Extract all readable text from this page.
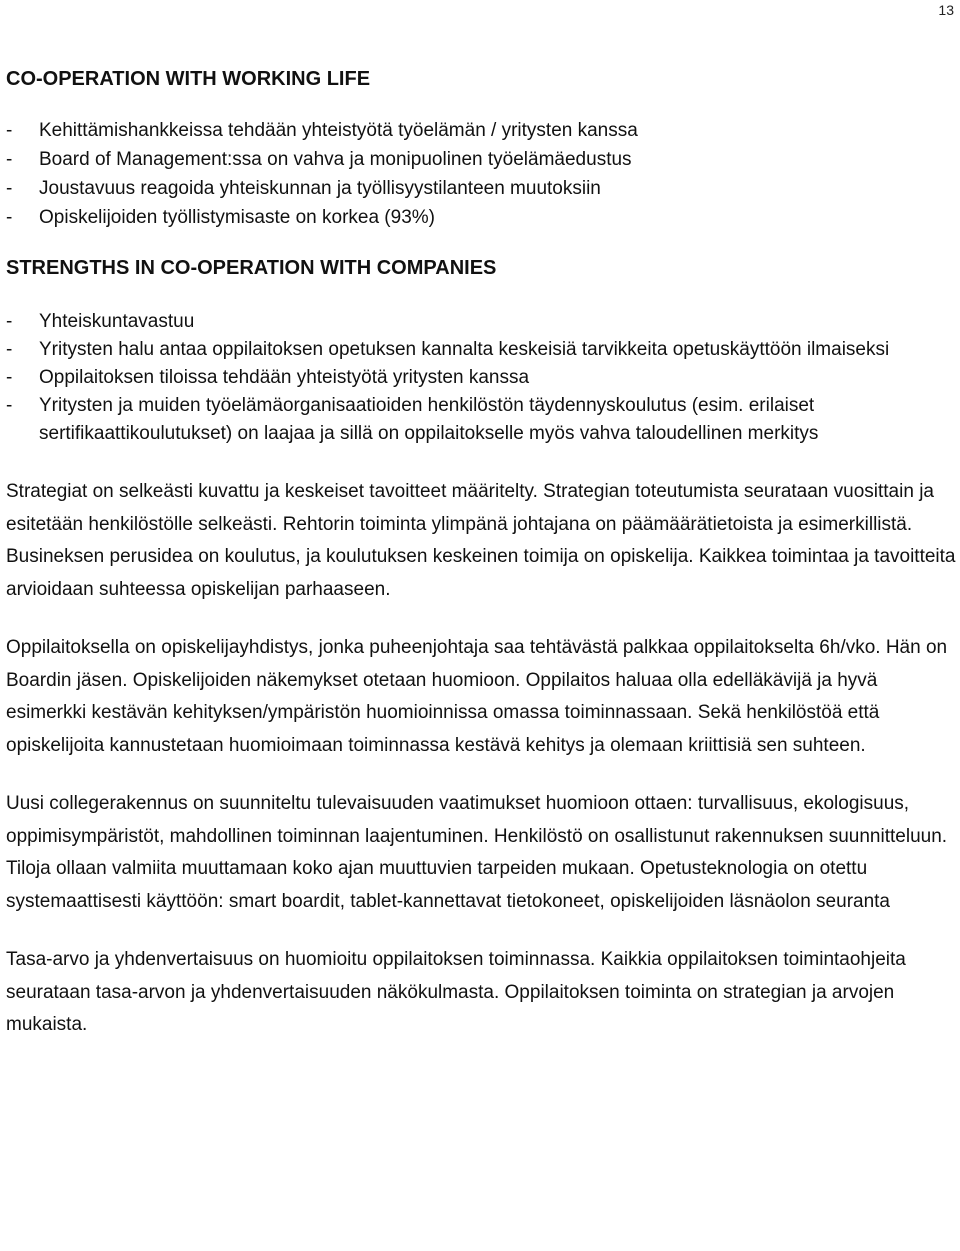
13
CO-OPERATION WITH WORKING LIFE
- Kehittämishankkeissa tehdään yhteistyötä työelämän / yritysten kanssa
- Board of Management:ssa on vahva ja monipuolinen työelämäedustus
- Joustavuus reagoida yhteiskunnan ja työllisyystilanteen muutoksiin
- Opiskelijoiden työllistymisaste on korkea (93%)
STRENGTHS IN CO-OPERATION WITH COMPANIES
- Yhteiskuntavastuu
- Yritysten halu antaa oppilaitoksen opetuksen kannalta keskeisiä tarvikkeita opetuskäyttöön ilmaiseksi
- Oppilaitoksen tiloissa tehdään yhteistyötä yritysten kanssa
- Yritysten ja muiden työelämäorganisaatioiden henkilöstön täydennyskoulutus (esim. erilaiset sertifikaattikoulutukset) on laajaa ja sillä on oppilaitokselle myös vahva taloudellinen merkitys

Strategiat on selkeästi kuvattu ja keskeiset tavoitteet määritelty. Strategian toteutumista seurataan vuosittain ja esitetään henkilöstölle selkeästi. Rehtorin toiminta ylimpänä johtajana on päämäärätietoista ja esimerkillistä. Busineksen perusidea on koulutus, ja koulutuksen keskeinen toimija on opiskelija. Kaikkea toimintaa ja tavoitteita arvioidaan suhteessa opiskelijan parhaaseen.

Oppilaitoksella on opiskelijayhdistys, jonka puheenjohtaja saa tehtävästä palkkaa oppilaitokselta 6h/vko. Hän on Boardin jäsen. Opiskelijoiden näkemykset otetaan huomioon. Oppilaitos haluaa olla edelläkävijä ja hyvä esimerkki kestävän kehityksen/ympäristön huomioinnissa omassa toiminnassaan. Sekä henkilöstöä että opiskelijoita kannustetaan huomioimaan toiminnassa kestävä kehitys ja olemaan kriittisiä sen suhteen.

Uusi collegerakennus on suunniteltu tulevaisuuden vaatimukset huomioon ottaen: turvallisuus, ekologisuus, oppimisympäristöt, mahdollinen toiminnan laajentuminen. Henkilöstö on osallistunut rakennuksen suunnitteluun. Tiloja ollaan valmiita muuttamaan koko ajan muuttuvien tarpeiden mukaan. Opetusteknologia on otettu systemaattisesti käyttöön: smart boardit, tablet-kannettavat tietokoneet, opiskelijoiden läsnäolon seuranta

Tasa-arvo ja yhdenvertaisuus on huomioitu oppilaitoksen toiminnassa. Kaikkia oppilaitoksen toimintaohjeita seurataan tasa-arvon ja yhdenvertaisuuden näkökulmasta. Oppilaitoksen toiminta on strategian ja arvojen mukaista.
